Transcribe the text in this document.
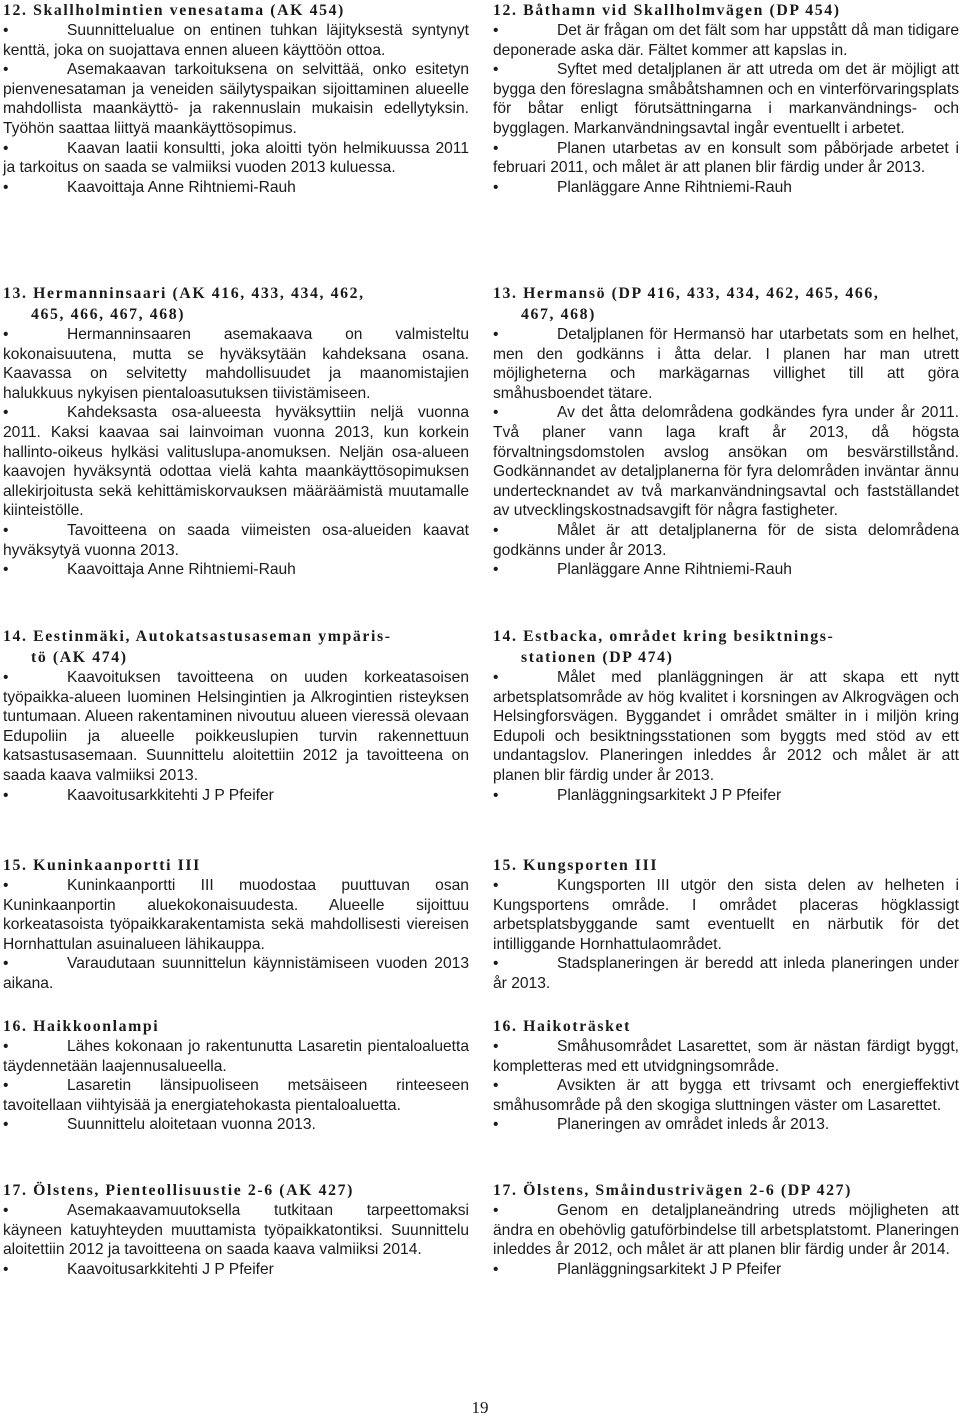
12. Skallholmintien venesatama (AK 454)

•	Suunnittelualue on entinen tuhkan läjityksestä syntynyt kenttä, joka on suojattava ennen alueen käyttöön ottoa.

•	Asemakaavan tarkoituksena on selvittää, onko esitetyn pienvenesataman ja veneiden säilytyspaikan sijoittaminen alueelle mahdollista maankäyttö- ja rakennuslain mukaisin edellytyksin. Työhön saattaa liittyä maankäyttösopimus.

•	Kaavan laatii konsultti, joka aloitti työn helmikuussa 2011 ja tarkoitus on saada se valmiiksi vuoden 2013 kuluessa.

•	Kaavoittaja Anne Rihtniemi-Rauh

13. Hermanninsaari (AK 416, 433, 434, 462,
465, 466, 467, 468)

•	Hermanninsaaren asemakaava on valmisteltu kokonaisuutena, mutta se hyväksytään kahdeksana osana. Kaavassa on selvitetty mahdollisuudet ja maanomistajien halukkuus nykyisen pientaloasutuksen tiivistämiseen.

•	Kahdeksasta osa-alueesta hyväksyttiin neljä vuonna 2011. Kaksi kaavaa sai lainvoiman vuonna 2013, kun korkein hallinto-oikeus hylkäsi valituslupa-anomuksen. Neljän osa-alueen kaavojen hyväksyntä odottaa vielä kahta maankäyttösopimuksen allekirjoitusta sekä kehittämiskorvauksen määräämistä muutamalle kiinteistölle.

•	Tavoitteena on saada viimeisten osa-alueiden kaavat hyväksytyä vuonna 2013.

•	Kaavoittaja Anne Rihtniemi-Rauh

14. Eestinmäki, Autokatsastusaseman ympäris-
tö (AK 474)

•	Kaavoituksen tavoitteena on uuden korkeatasoisen työpaikka-alueen luominen Helsingintien ja Alkrogintien risteyksen tuntumaan. Alueen rakentaminen nivoutuu alueen vieressä olevaan Edupoliin ja alueelle poikkeuslupien turvin rakennettuun katsastusasemaan. Suunnittelu aloitettiin 2012 ja tavoitteena on saada kaava valmiiksi 2013.

•	Kaavoitusarkkitehti J P Pfeifer

15. Kuninkaanportti III

•	Kuninkaanportti III muodostaa puuttuvan osan Kuninkaanportin aluekokonaisuudesta. Alueelle sijoittuu korkeatasoista työpaikkarakentamista sekä mahdollisesti viereisen Hornhattulan asuinalueen lähikauppa.

•	Varaudutaan suunnittelun käynnistämiseen vuoden 2013 aikana.

16. Haikkoonlampi

•	Lähes kokonaan jo rakentunutta Lasaretin pientaloaluetta täydennetään laajennusalueella.

•	Lasaretin länsipuoliseen metsäiseen rinteeseen tavoitellaan viihtyisää ja energiatehokasta pientaloaluetta.

•	Suunnittelu aloitetaan vuonna 2013.

17. Ölstens, Pienteollisuustie 2-6 (AK 427)

•	Asemakaavamuutoksella tutkitaan tarpeettomaksi käyneen katuyhteyden muuttamista työpaikkatontiksi. Suunnittelu aloitettiin 2012 ja tavoitteena on saada kaava valmiiksi 2014.

•	Kaavoitusarkkitehti J P Pfeifer

12. Båthamn vid Skallholmvägen (DP 454)

•	Det är frågan om det fält som har uppstått då man tidigare deponerade aska där. Fältet kommer att kapslas in.

•	Syftet med detaljplanen är att utreda om det är möjligt att bygga den föreslagna småbåtshamnen och en vinterförvaringsplats för båtar enligt förutsättningarna i markanvändnings- och bygglagen. Markanvändningsavtal ingår eventuellt i arbetet.

•	Planen utarbetas av en konsult som påbörjade arbetet i februari 2011, och målet är att planen blir färdig under år 2013.

•	Planläggare Anne Rihtniemi-Rauh

13. Hermansö (DP 416, 433, 434, 462, 465, 466,
467, 468)

•	Detaljplanen för Hermansö har utarbetats som en helhet, men den godkänns i åtta delar. I planen har man utrett möjligheterna och markägarnas villighet till att göra småhusboendet tätare.

•	Av det åtta delområdena godkändes fyra under år 2011. Två planer vann laga kraft år 2013, då högsta förvaltningsdomstolen avslog ansökan om besvärstillstånd. Godkännandet av detaljplanerna för fyra delområden inväntar ännu undertecknandet av två markanvändningsavtal och fastställandet av utvecklingskostnadsavgift för några fastigheter.

•	Målet är att detaljplanerna för de sista delområdena godkänns under år 2013.

•	Planläggare Anne Rihtniemi-Rauh

14. Estbacka, området kring besiktnings-
stationen (DP 474)

•	Målet med planläggningen är att skapa ett nytt arbetsplatsområde av hög kvalitet i korsningen av Alkrogvägen och Helsingforsvägen. Byggandet i området smälter in i miljön kring Edupoli och besiktningsstationen som byggts med stöd av ett undantagslov. Planeringen inleddes år 2012 och målet är att planen blir färdig under år 2013.

•	Planläggningsarkitekt J P Pfeifer

15. Kungsporten III

•	Kungsporten III utgör den sista delen av helheten i Kungsportens område. I området placeras högklassigt arbetsplatsbyggande samt eventuellt en närbutik för det intilliggande Hornhattulaområdet.

•	Stadsplaneringen är beredd att inleda planeringen under år 2013.

16. Haikoträsket

•	Småhusområdet Lasarettet, som är nästan färdigt byggt, kompletteras med ett utvidgningsområde.

•	Avsikten är att bygga ett trivsamt och energieffektivt småhusområde på den skogiga sluttningen väster om Lasarettet.

•	Planeringen av området inleds år 2013.

17. Ölstens, Småindustrivägen 2-6 (DP 427)

•	Genom en detaljplaneändring utreds möjligheten att ändra en obehövlig gatuförbindelse till arbetsplatstomt. Planeringen inleddes år 2012, och målet är att planen blir färdig under år 2014.

•	Planläggningsarkitekt J P Pfeifer

19
